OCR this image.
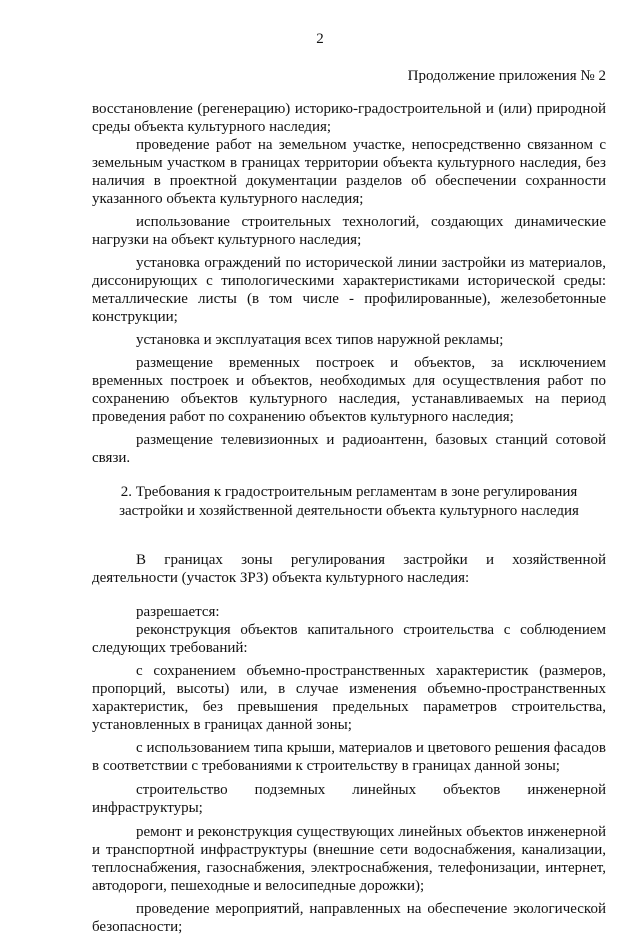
2
Продолжение приложения № 2

восстановление (регенерацию) историко-градостроительной и (или) природной среды объекта культурного наследия;

проведение работ на земельном участке, непосредственно связанном с земельным участком в границах территории объекта культурного наследия, без наличия в проектной документации разделов об обеспечении сохранности указанного объекта культурного наследия;

использование строительных технологий, создающих динамические нагрузки на объект культурного наследия;

установка ограждений по исторической линии застройки из материалов, диссонирующих с типологическими характеристиками исторической среды: металлические листы (в том числе - профилированные), железобетонные конструкции;

установка и эксплуатация всех типов наружной рекламы;

размещение временных построек и объектов, за исключением временных построек и объектов, необходимых для осуществления работ по сохранению объектов культурного наследия, устанавливаемых на период проведения работ по сохранению объектов культурного наследия;

размещение телевизионных и радиоантенн, базовых станций сотовой связи.

2. Требования к градостроительным регламентам в зоне регулирования
застройки и хозяйственной деятельности объекта культурного наследия

В границах зоны регулирования застройки и хозяйственной деятельности (участок ЗРЗ) объекта культурного наследия:

разрешается:

реконструкция объектов капитального строительства с соблюдением следующих требований:

с сохранением объемно-пространственных характеристик (размеров, пропорций, высоты) или, в случае изменения объемно-пространственных характеристик, без превышения предельных параметров строительства, установленных в границах данной зоны;

с использованием типа крыши, материалов и цветового решения фасадов в соответствии с требованиями к строительству в границах данной зоны;

строительство подземных линейных объектов инженерной инфраструктуры;

ремонт и реконструкция существующих линейных объектов инженерной и транспортной инфраструктуры (внешние сети водоснабжения, канализации, теплоснабжения, газоснабжения, электроснабжения, телефонизации, интернет, автодороги, пешеходные и велосипедные дорожки);

проведение мероприятий, направленных на обеспечение экологической безопасности;
